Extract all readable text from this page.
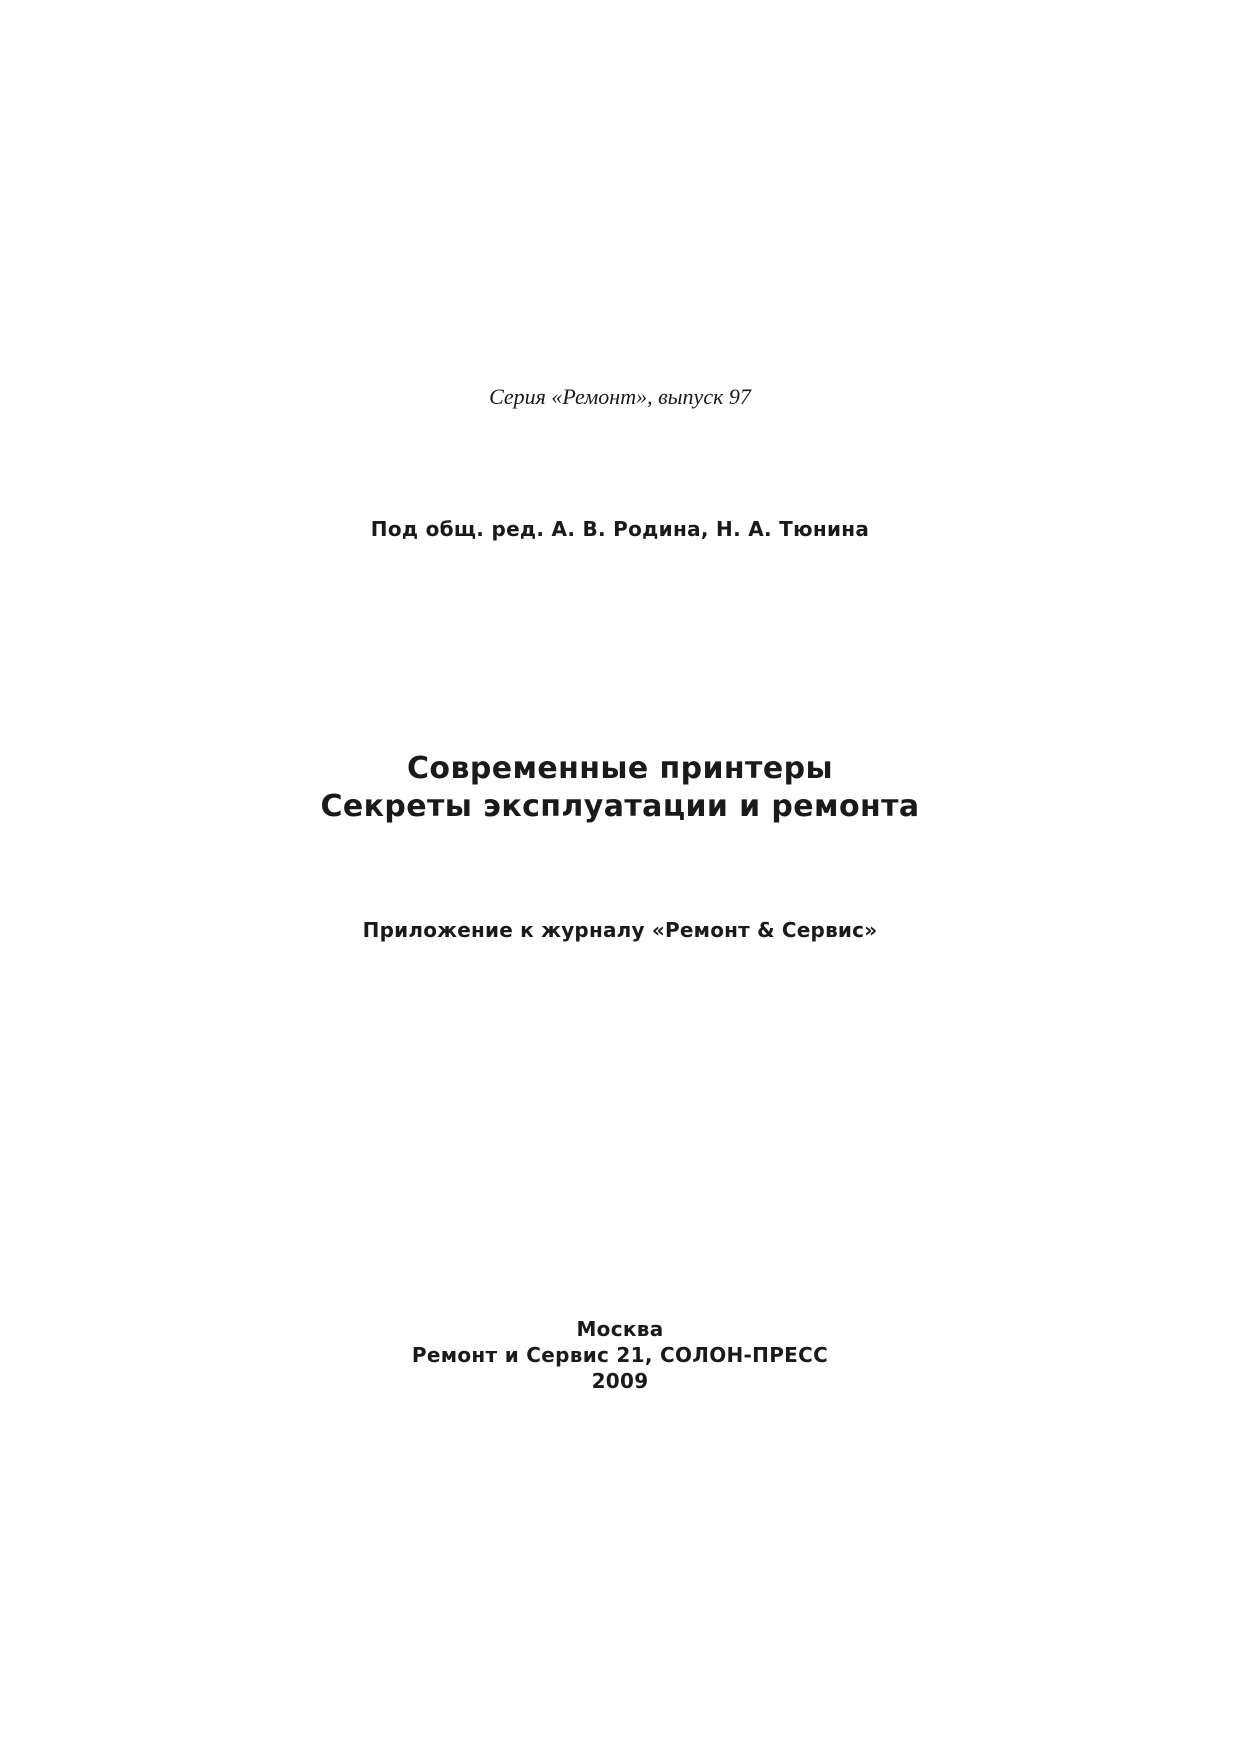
Серия «Ремонт», выпуск 97
Под общ. ред. А. В. Родина, Н. А. Тюнина
Современные принтеры
Секреты эксплуатации и ремонта
Приложение к журналу «Ремонт & Сервис»
Москва
Ремонт и Сервис 21, СОЛОН-ПРЕСС
2009
